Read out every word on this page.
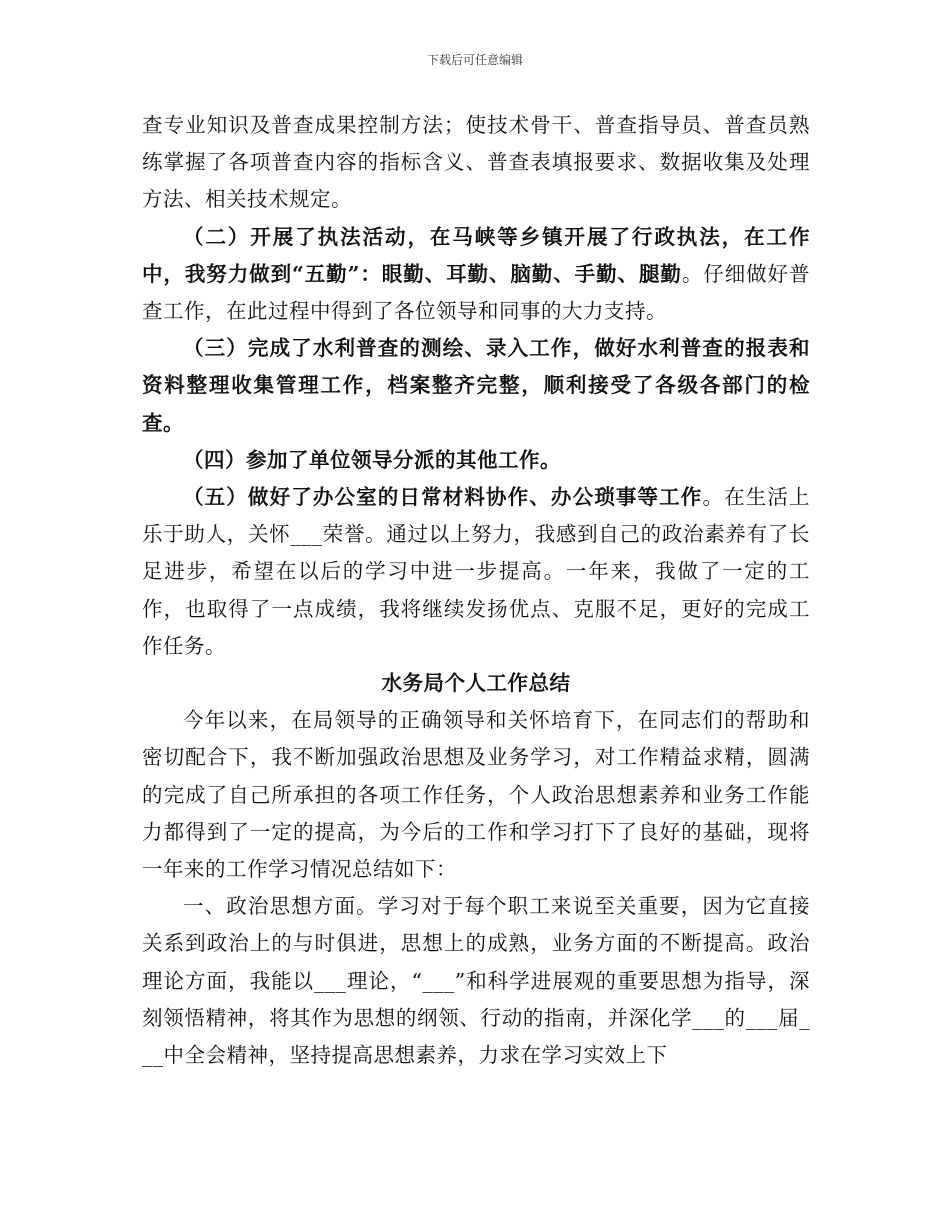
下载后可任意编辑

查专业知识及普查成果控制方法；使技术骨干、普查指导员、普查员熟练掌握了各项普查内容的指标含义、普查表填报要求、数据收集及处理方法、相关技术规定。

（二）开展了执法活动，在马峡等乡镇开展了行政执法，在工作中，我努力做到“五勤”：眼勤、耳勤、脑勤、手勤、腿勤。仔细做好普查工作，在此过程中得到了各位领导和同事的大力支持。

（三）完成了水利普查的测绘、录入工作，做好水利普查的报表和资料整理收集管理工作，档案整齐完整，顺利接受了各级各部门的检查。

（四）参加了单位领导分派的其他工作。

（五）做好了办公室的日常材料协作、办公琐事等工作。在生活上乐于助人，关怀___荣誉。通过以上努力，我感到自己的政治素养有了长足进步，希望在以后的学习中进一步提高。一年来，我做了一定的工作，也取得了一点成绩，我将继续发扬优点、克服不足，更好的完成工作任务。

水务局个人工作总结

今年以来，在局领导的正确领导和关怀培育下，在同志们的帮助和密切配合下，我不断加强政治思想及业务学习，对工作精益求精，圆满的完成了自己所承担的各项工作任务，个人政治思想素养和业务工作能力都得到了一定的提高，为今后的工作和学习打下了良好的基础，现将一年来的工作学习情况总结如下：

一、政治思想方面。学习对于每个职工来说至关重要，因为它直接关系到政治上的与时俱进，思想上的成熟，业务方面的不断提高。政治理论方面，我能以___理论，“___”和科学进展观的重要思想为指导，深刻领悟精神，将其作为思想的纲领、行动的指南，并深化学___的___届___中全会精神，坚持提高思想素养，力求在学习实效上下
